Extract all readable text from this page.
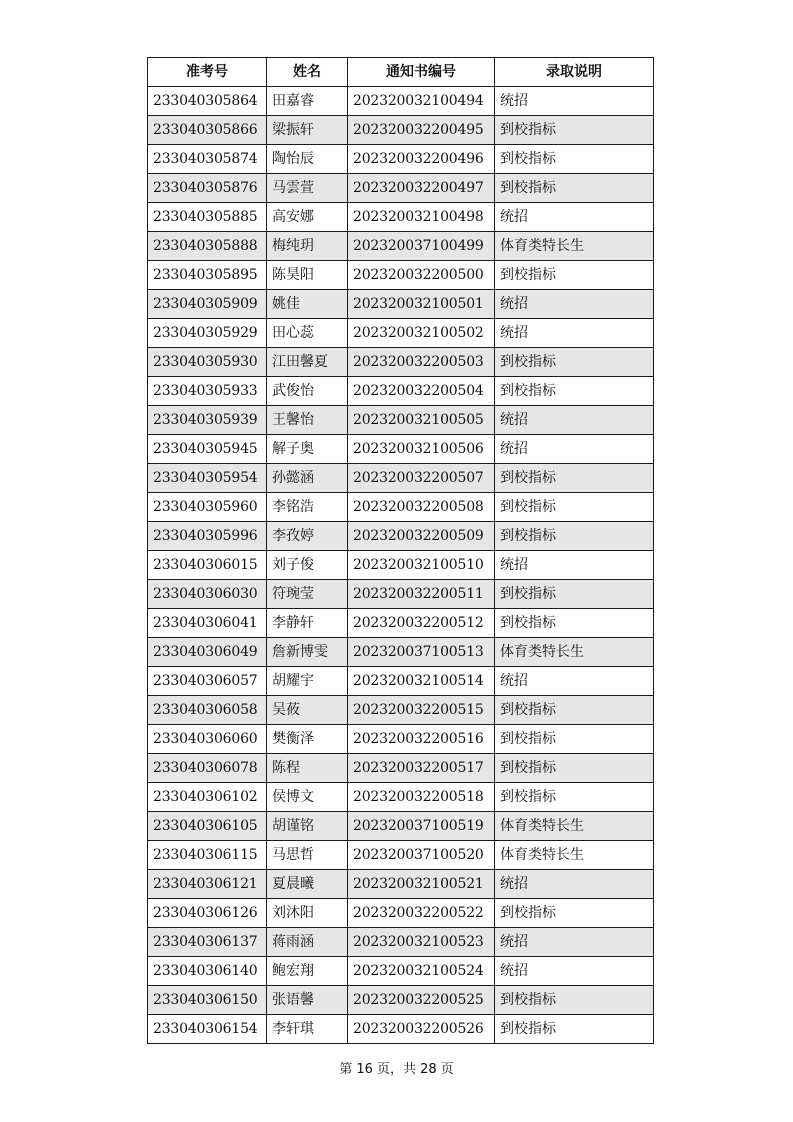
准考号	姓名	通知书编号	录取说明
233040305864	田嘉睿	202320032100494	统招
233040305866	梁振轩	202320032200495	到校指标
233040305874	陶怡辰	202320032200496	到校指标
233040305876	马雲萱	202320032200497	到校指标
233040305885	高安娜	202320032100498	统招
233040305888	梅纯玥	202320037100499	体育类特长生
233040305895	陈昊阳	202320032200500	到校指标
233040305909	姚佳	202320032100501	统招
233040305929	田心蕊	202320032100502	统招
233040305930	江田馨夏	202320032200503	到校指标
233040305933	武俊怡	202320032200504	到校指标
233040305939	王馨怡	202320032100505	统招
233040305945	解子奥	202320032100506	统招
233040305954	孙懿涵	202320032200507	到校指标
233040305960	李铭浩	202320032200508	到校指标
233040305996	李孜婷	202320032200509	到校指标
233040306015	刘子俊	202320032100510	统招
233040306030	符琬莹	202320032200511	到校指标
233040306041	李静轩	202320032200512	到校指标
233040306049	詹新博雯	202320037100513	体育类特长生
233040306057	胡耀宇	202320032100514	统招
233040306058	吴莜	202320032200515	到校指标
233040306060	樊衡泽	202320032200516	到校指标
233040306078	陈程	202320032200517	到校指标
233040306102	侯博文	202320032200518	到校指标
233040306105	胡谨铭	202320037100519	体育类特长生
233040306115	马思哲	202320037100520	体育类特长生
233040306121	夏晨曦	202320032100521	统招
233040306126	刘沐阳	202320032200522	到校指标
233040306137	蒋雨涵	202320032100523	统招
233040306140	鲍宏翔	202320032100524	统招
233040306150	张语馨	202320032200525	到校指标
233040306154	李轩琪	202320032200526	到校指标
第 16 页，共 28 页
